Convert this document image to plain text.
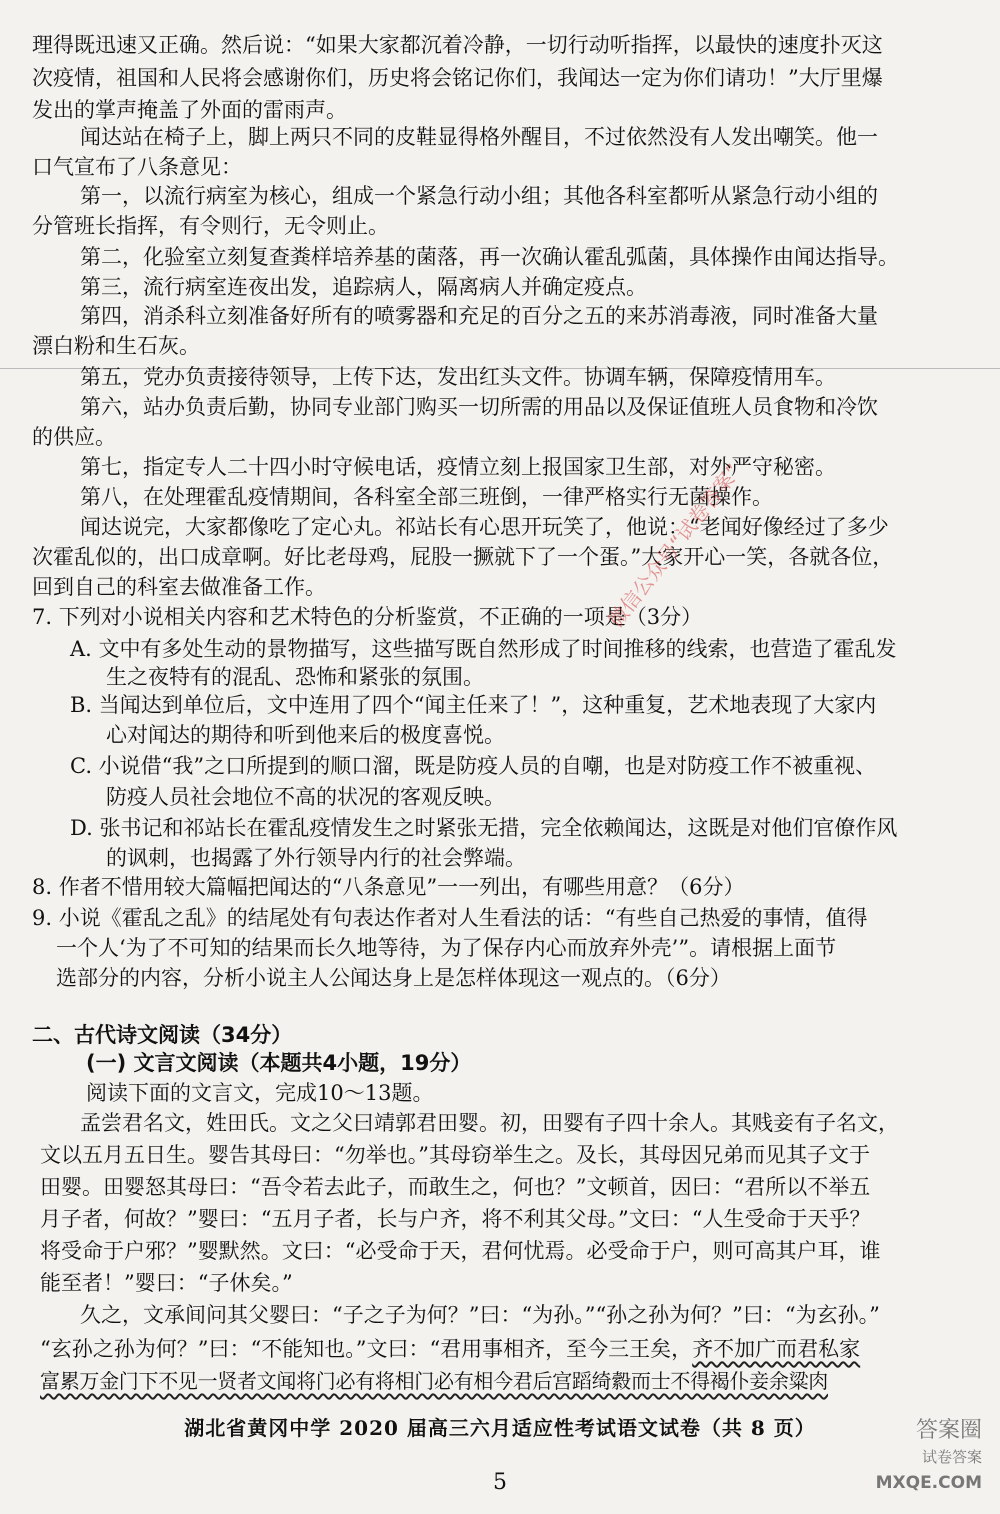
理得既迅速又正确。然后说：“如果大家都沉着冷静，一切行动听指挥，以最快的速度扑灭这
次疫情，祖国和人民将会感谢你们，历史将会铭记你们，我闻达一定为你们请功！”大厅里爆
发出的掌声掩盖了外面的雷雨声。
闻达站在椅子上，脚上两只不同的皮鞋显得格外醒目，不过依然没有人发出嘲笑。他一
口气宣布了八条意见：
第一，以流行病室为核心，组成一个紧急行动小组；其他各科室都听从紧急行动小组的
分管班长指挥，有令则行，无令则止。
第二，化验室立刻复查粪样培养基的菌落，再一次确认霍乱弧菌，具体操作由闻达指导。
第三，流行病室连夜出发，追踪病人，隔离病人并确定疫点。
第四，消杀科立刻准备好所有的喷雾器和充足的百分之五的来苏消毒液，同时准备大量
漂白粉和生石灰。
第五，党办负责接待领导，上传下达，发出红头文件。协调车辆，保障疫情用车。
第六，站办负责后勤，协同专业部门购买一切所需的用品以及保证值班人员食物和冷饮
的供应。
第七，指定专人二十四小时守候电话，疫情立刻上报国家卫生部，对外严守秘密。
第八，在处理霍乱疫情期间，各科室全部三班倒，一律严格实行无菌操作。
闻达说完，大家都像吃了定心丸。祁站长有心思开玩笑了，他说：“老闻好像经过了多少
次霍乱似的，出口成章啊。好比老母鸡，屁股一撅就下了一个蛋。”大家开心一笑，各就各位，
回到自己的科室去做准备工作。
7. 下列对小说相关内容和艺术特色的分析鉴赏，不正确的一项是（3分）
A. 文中有多处生动的景物描写，这些描写既自然形成了时间推移的线索，也营造了霍乱发
生之夜特有的混乱、恐怖和紧张的氛围。
B. 当闻达到单位后，文中连用了四个“闻主任来了！”，这种重复，艺术地表现了大家内
心对闻达的期待和听到他来后的极度喜悦。
C. 小说借“我”之口所提到的顺口溜，既是防疫人员的自嘲，也是对防疫工作不被重视、
防疫人员社会地位不高的状况的客观反映。
D. 张书记和祁站长在霍乱疫情发生之时紧张无措，完全依赖闻达，这既是对他们官僚作风
的讽刺，也揭露了外行领导内行的社会弊端。
8. 作者不惜用较大篇幅把闻达的“八条意见”一一列出，有哪些用意？（6分）
9. 小说《霍乱之乱》的结尾处有句表达作者对人生看法的话：“有些自己热爱的事情，值得
一个人‘为了不可知的结果而长久地等待，为了保存内心而放弃外壳’”。请根据上面节
选部分的内容，分析小说主人公闻达身上是怎样体现这一观点的。（6分）
二、古代诗文阅读（34分）
(一) 文言文阅读（本题共4小题，19分）
阅读下面的文言文，完成10～13题。
孟尝君名文，姓田氏。文之父曰靖郭君田婴。初，田婴有子四十余人。其贱妾有子名文，
文以五月五日生。婴告其母曰：“勿举也。”其母窃举生之。及长，其母因兄弟而见其子文于
田婴。田婴怒其母曰：“吾令若去此子，而敢生之，何也？”文顿首，因曰：“君所以不举五
月子者，何故？”婴曰：“五月子者，长与户齐，将不利其父母。”文曰：“人生受命于天乎？
将受命于户邪？”婴默然。文曰：“必受命于天，君何忧焉。必受命于户，则可高其户耳，谁
能至者！”婴曰：“子休矣。”
久之，文承间问其父婴曰：“子之子为何？”曰：“为孙。”“孙之孙为何？”曰：“为玄孙。”
“玄孙之孙为何？”曰：“不能知也。”文曰：“君用事相齐，至今三王矣，齐不加广而君私家
富累万金门下不见一贤者文闻将门必有将相门必有相今君后宫蹈绮縠而士不得褐仆妾余粱肉
湖北省黄冈中学 2020 届高三六月适应性考试语文试卷（共 8 页）
5
微信公众号“试卷答案”
答案圈
试卷答案
MXQE.COM
